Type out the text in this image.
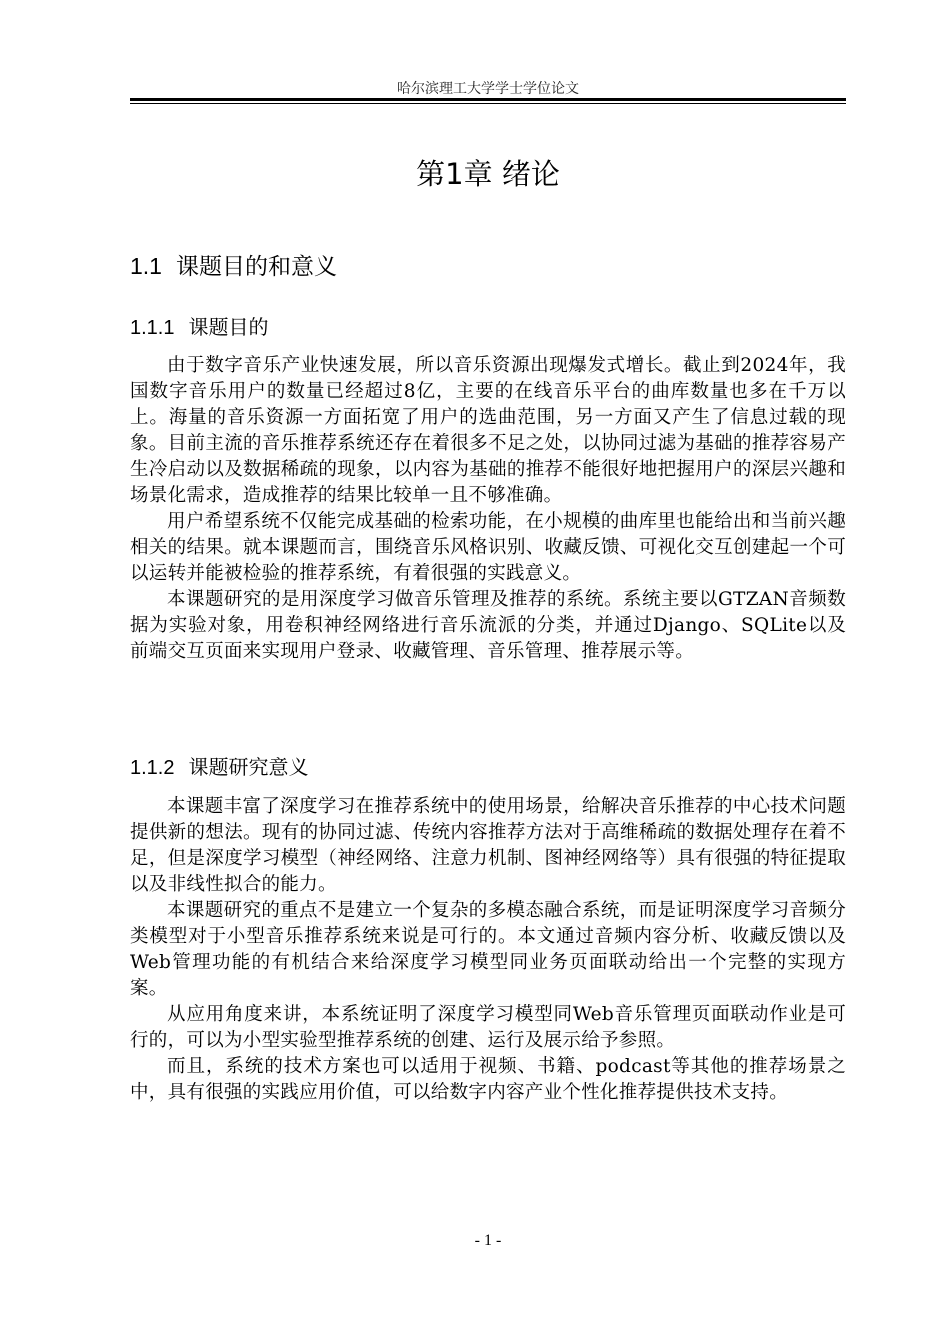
哈尔滨理工大学学士学位论文
第1章 绪论
1.1 课题目的和意义
1.1.1 课题目的

由于数字音乐产业快速发展，所以音乐资源出现爆发式增长。截止到2024年，我国数字音乐用户的数量已经超过8亿，主要的在线音乐平台的曲库数量也多在千万以上。海量的音乐资源一方面拓宽了用户的选曲范围，另一方面又产生了信息过载的现象。目前主流的音乐推荐系统还存在着很多不足之处，以协同过滤为基础的推荐容易产生冷启动以及数据稀疏的现象，以内容为基础的推荐不能很好地把握用户的深层兴趣和场景化需求，造成推荐的结果比较单一且不够准确。

用户希望系统不仅能完成基础的检索功能，在小规模的曲库里也能给出和当前兴趣相关的结果。就本课题而言，围绕音乐风格识别、收藏反馈、可视化交互创建起一个可以运转并能被检验的推荐系统，有着很强的实践意义。

本课题研究的是用深度学习做音乐管理及推荐的系统。系统主要以GTZAN音频数据为实验对象，用卷积神经网络进行音乐流派的分类，并通过Django、SQLite以及前端交互页面来实现用户登录、收藏管理、音乐管理、推荐展示等。

1.1.2 课题研究意义

本课题丰富了深度学习在推荐系统中的使用场景，给解决音乐推荐的中心技术问题提供新的想法。现有的协同过滤、传统内容推荐方法对于高维稀疏的数据处理存在着不足，但是深度学习模型（神经网络、注意力机制、图神经网络等）具有很强的特征提取以及非线性拟合的能力。

本课题研究的重点不是建立一个复杂的多模态融合系统，而是证明深度学习音频分类模型对于小型音乐推荐系统来说是可行的。本文通过音频内容分析、收藏反馈以及Web管理功能的有机结合来给深度学习模型同业务页面联动给出一个完整的实现方案。

从应用角度来讲，本系统证明了深度学习模型同Web音乐管理页面联动作业是可行的，可以为小型实验型推荐系统的创建、运行及展示给予参照。

而且，系统的技术方案也可以适用于视频、书籍、podcast等其他的推荐场景之中，具有很强的实践应用价值，可以给数字内容产业个性化推荐提供技术支持。

- 1 -
